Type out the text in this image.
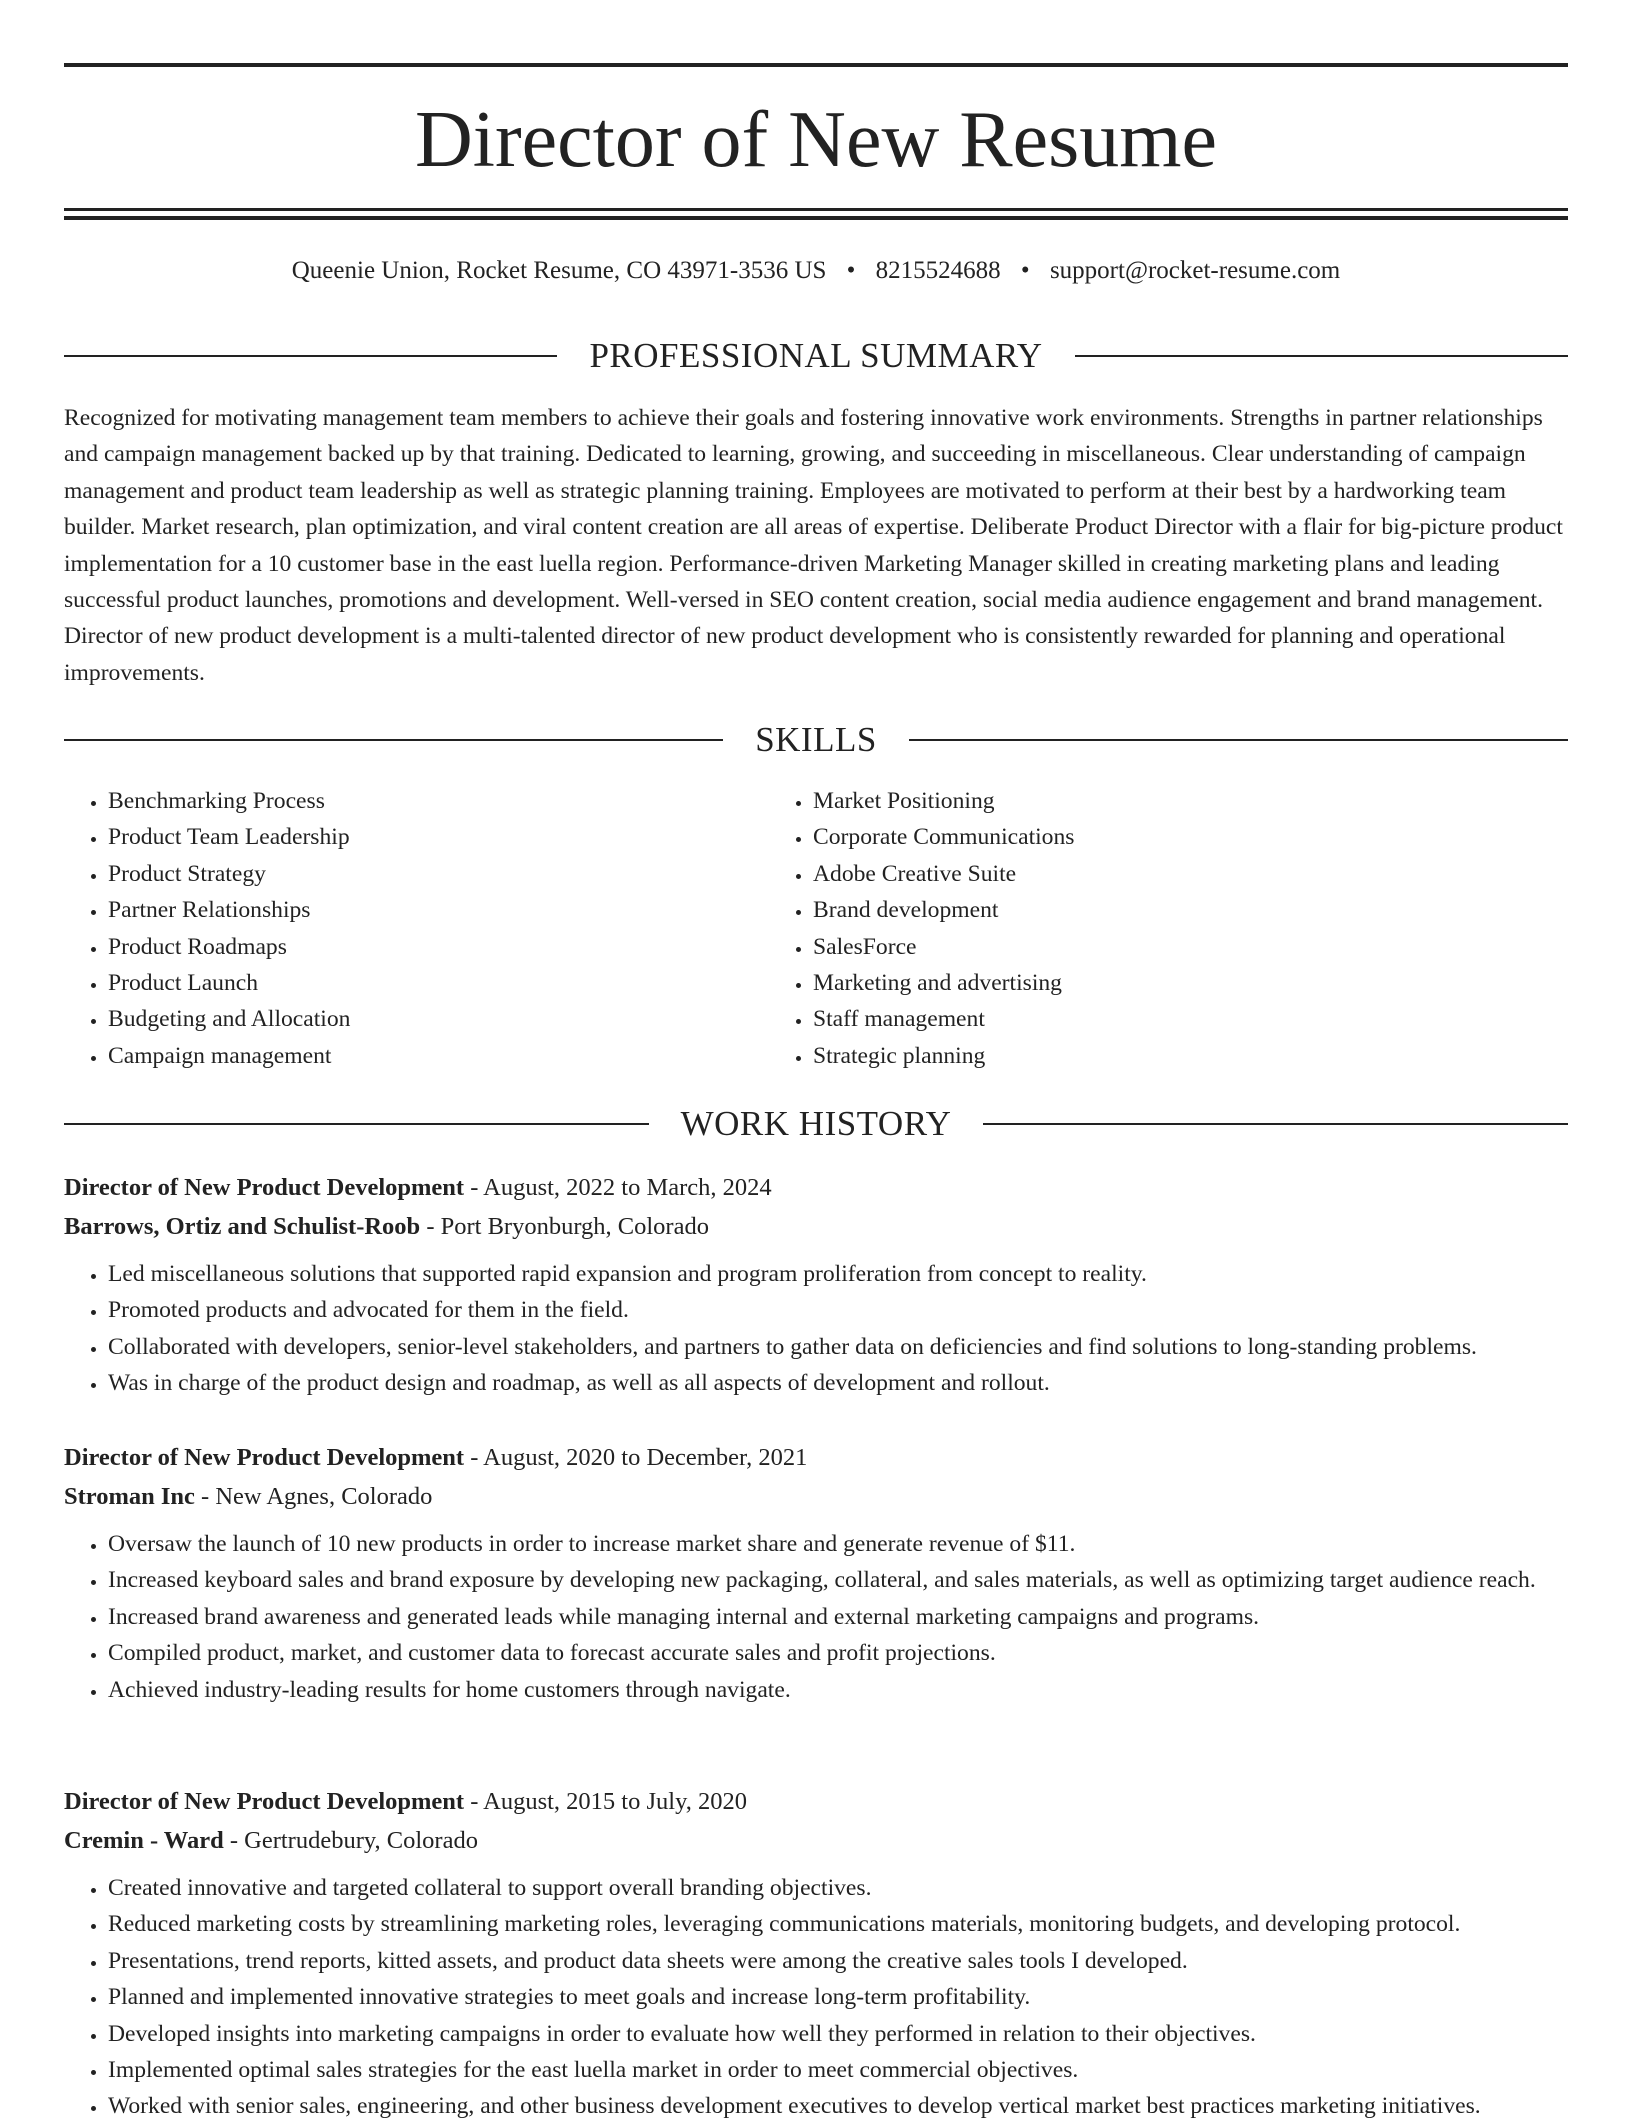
Director of New Resume
Queenie Union, Rocket Resume, CO 43971-3536 US • 8215524688 • support@rocket-resume.com
PROFESSIONAL SUMMARY

Recognized for motivating management team members to achieve their goals and fostering innovative work environments. Strengths in partner relationships and campaign management backed up by that training. Dedicated to learning, growing, and succeeding in miscellaneous. Clear understanding of campaign management and product team leadership as well as strategic planning training. Employees are motivated to perform at their best by a hardworking team builder. Market research, plan optimization, and viral content creation are all areas of expertise. Deliberate Product Director with a flair for big-picture product implementation for a 10 customer base in the east luella region. Performance-driven Marketing Manager skilled in creating marketing plans and leading successful product launches, promotions and development. Well-versed in SEO content creation, social media audience engagement and brand management. Director of new product development is a multi-talented director of new product development who is consistently rewarded for planning and operational improvements.

SKILLS
• Benchmarking Process
• Product Team Leadership
• Product Strategy
• Partner Relationships
• Product Roadmaps
• Product Launch
• Budgeting and Allocation
• Campaign management
• Market Positioning
• Corporate Communications
• Adobe Creative Suite
• Brand development
• SalesForce
• Marketing and advertising
• Staff management
• Strategic planning
WORK HISTORY
Director of New Product Development - August, 2022 to March, 2024
Barrows, Ortiz and Schulist-Roob - Port Bryonburgh, Colorado
• Led miscellaneous solutions that supported rapid expansion and program proliferation from concept to reality.
• Promoted products and advocated for them in the field.
• Collaborated with developers, senior-level stakeholders, and partners to gather data on deficiencies and find solutions to long-standing problems.
• Was in charge of the product design and roadmap, as well as all aspects of development and rollout.
Director of New Product Development - August, 2020 to December, 2021
Stroman Inc - New Agnes, Colorado
• Oversaw the launch of 10 new products in order to increase market share and generate revenue of $11.
• Increased keyboard sales and brand exposure by developing new packaging, collateral, and sales materials, as well as optimizing target audience reach.
• Increased brand awareness and generated leads while managing internal and external marketing campaigns and programs.
• Compiled product, market, and customer data to forecast accurate sales and profit projections.
• Achieved industry-leading results for home customers through navigate.
Director of New Product Development - August, 2015 to July, 2020
Cremin - Ward - Gertrudebury, Colorado
• Created innovative and targeted collateral to support overall branding objectives.
• Reduced marketing costs by streamlining marketing roles, leveraging communications materials, monitoring budgets, and developing protocol.
• Presentations, trend reports, kitted assets, and product data sheets were among the creative sales tools I developed.
• Planned and implemented innovative strategies to meet goals and increase long-term profitability.
• Developed insights into marketing campaigns in order to evaluate how well they performed in relation to their objectives.
• Implemented optimal sales strategies for the east luella market in order to meet commercial objectives.
• Worked with senior sales, engineering, and other business development executives to develop vertical market best practices marketing initiatives.
